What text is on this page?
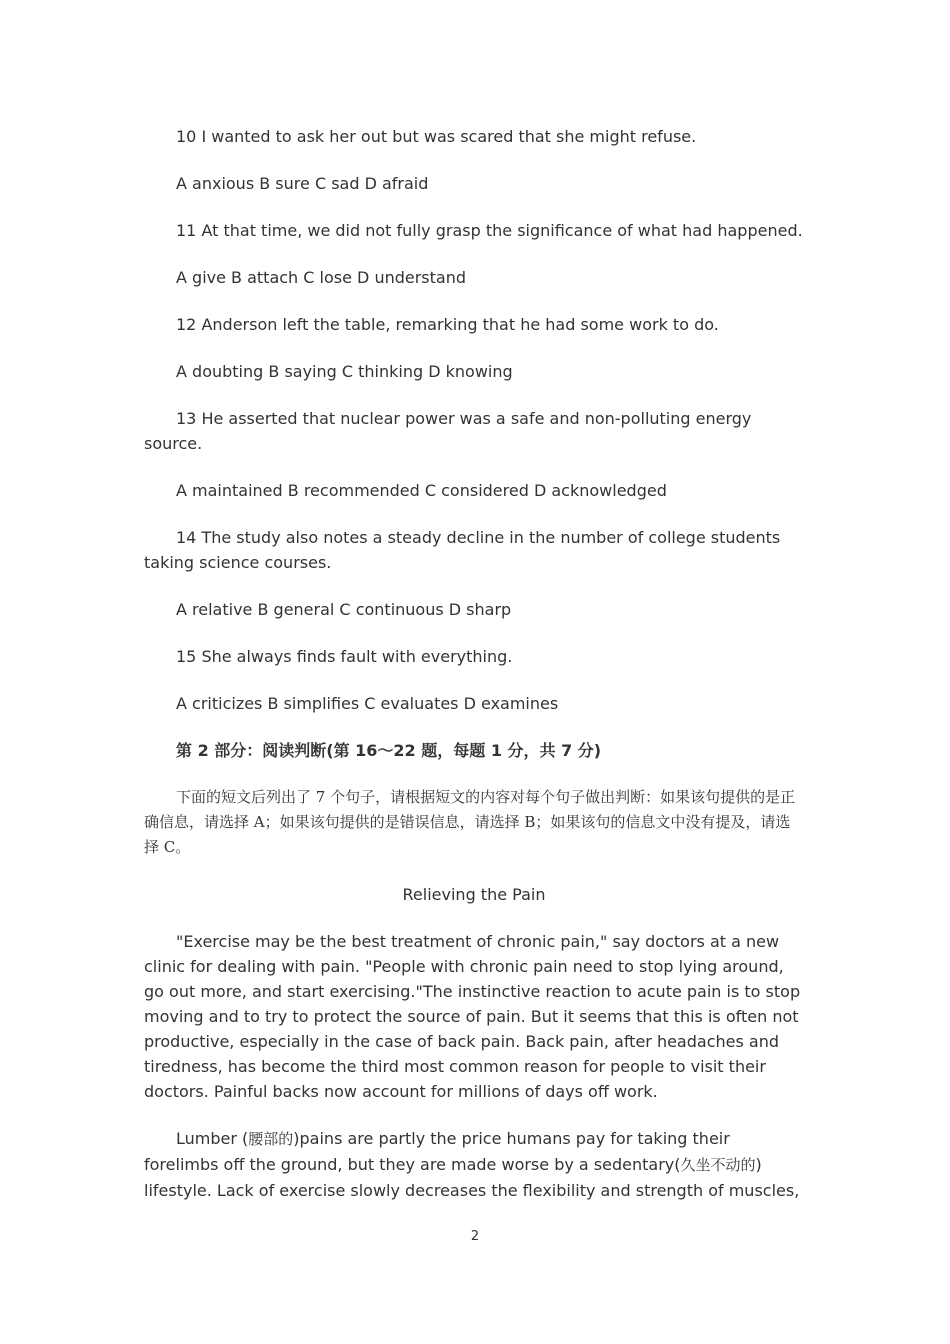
10 I wanted to ask her out but was scared that she might refuse.

A anxious B sure C sad D afraid

11 At that time, we did not fully grasp the significance of what had happened.

A give B attach C lose D understand

12 Anderson left the table, remarking that he had some work to do.

A doubting B saying C thinking D knowing

13 He asserted that nuclear power was a safe and non-polluting energy source.

A maintained B recommended C considered D acknowledged

14 The study also notes a steady decline in the number of college students taking science courses.

A relative B general C continuous D sharp

15 She always finds fault with everything.

A criticizes B simplifies C evaluates D examines

第 2 部分：阅读判断(第 16～22 题，每题 1 分，共 7 分)

下面的短文后列出了 7 个句子，请根据短文的内容对每个句子做出判断：如果该句提供的是正确信息，请选择 A；如果该句提供的是错误信息，请选择 B；如果该句的信息文中没有提及，请选择 C。

Relieving the Pain

"Exercise may be the best treatment of chronic pain," say doctors at a new clinic for dealing with pain. "People with chronic pain need to stop lying around, go out more, and start exercising."The instinctive reaction to acute pain is to stop moving and to try to protect the source of pain. But it seems that this is often not productive, especially in the case of back pain. Back pain, after headaches and tiredness, has become the third most common reason for people to visit their doctors. Painful backs now account for millions of days off work.

Lumber (腰部的)pains are partly the price humans pay for taking their forelimbs off the ground, but they are made worse by a sedentary(久坐不动的) lifestyle. Lack of exercise slowly decreases the flexibility and strength of muscles,

2
